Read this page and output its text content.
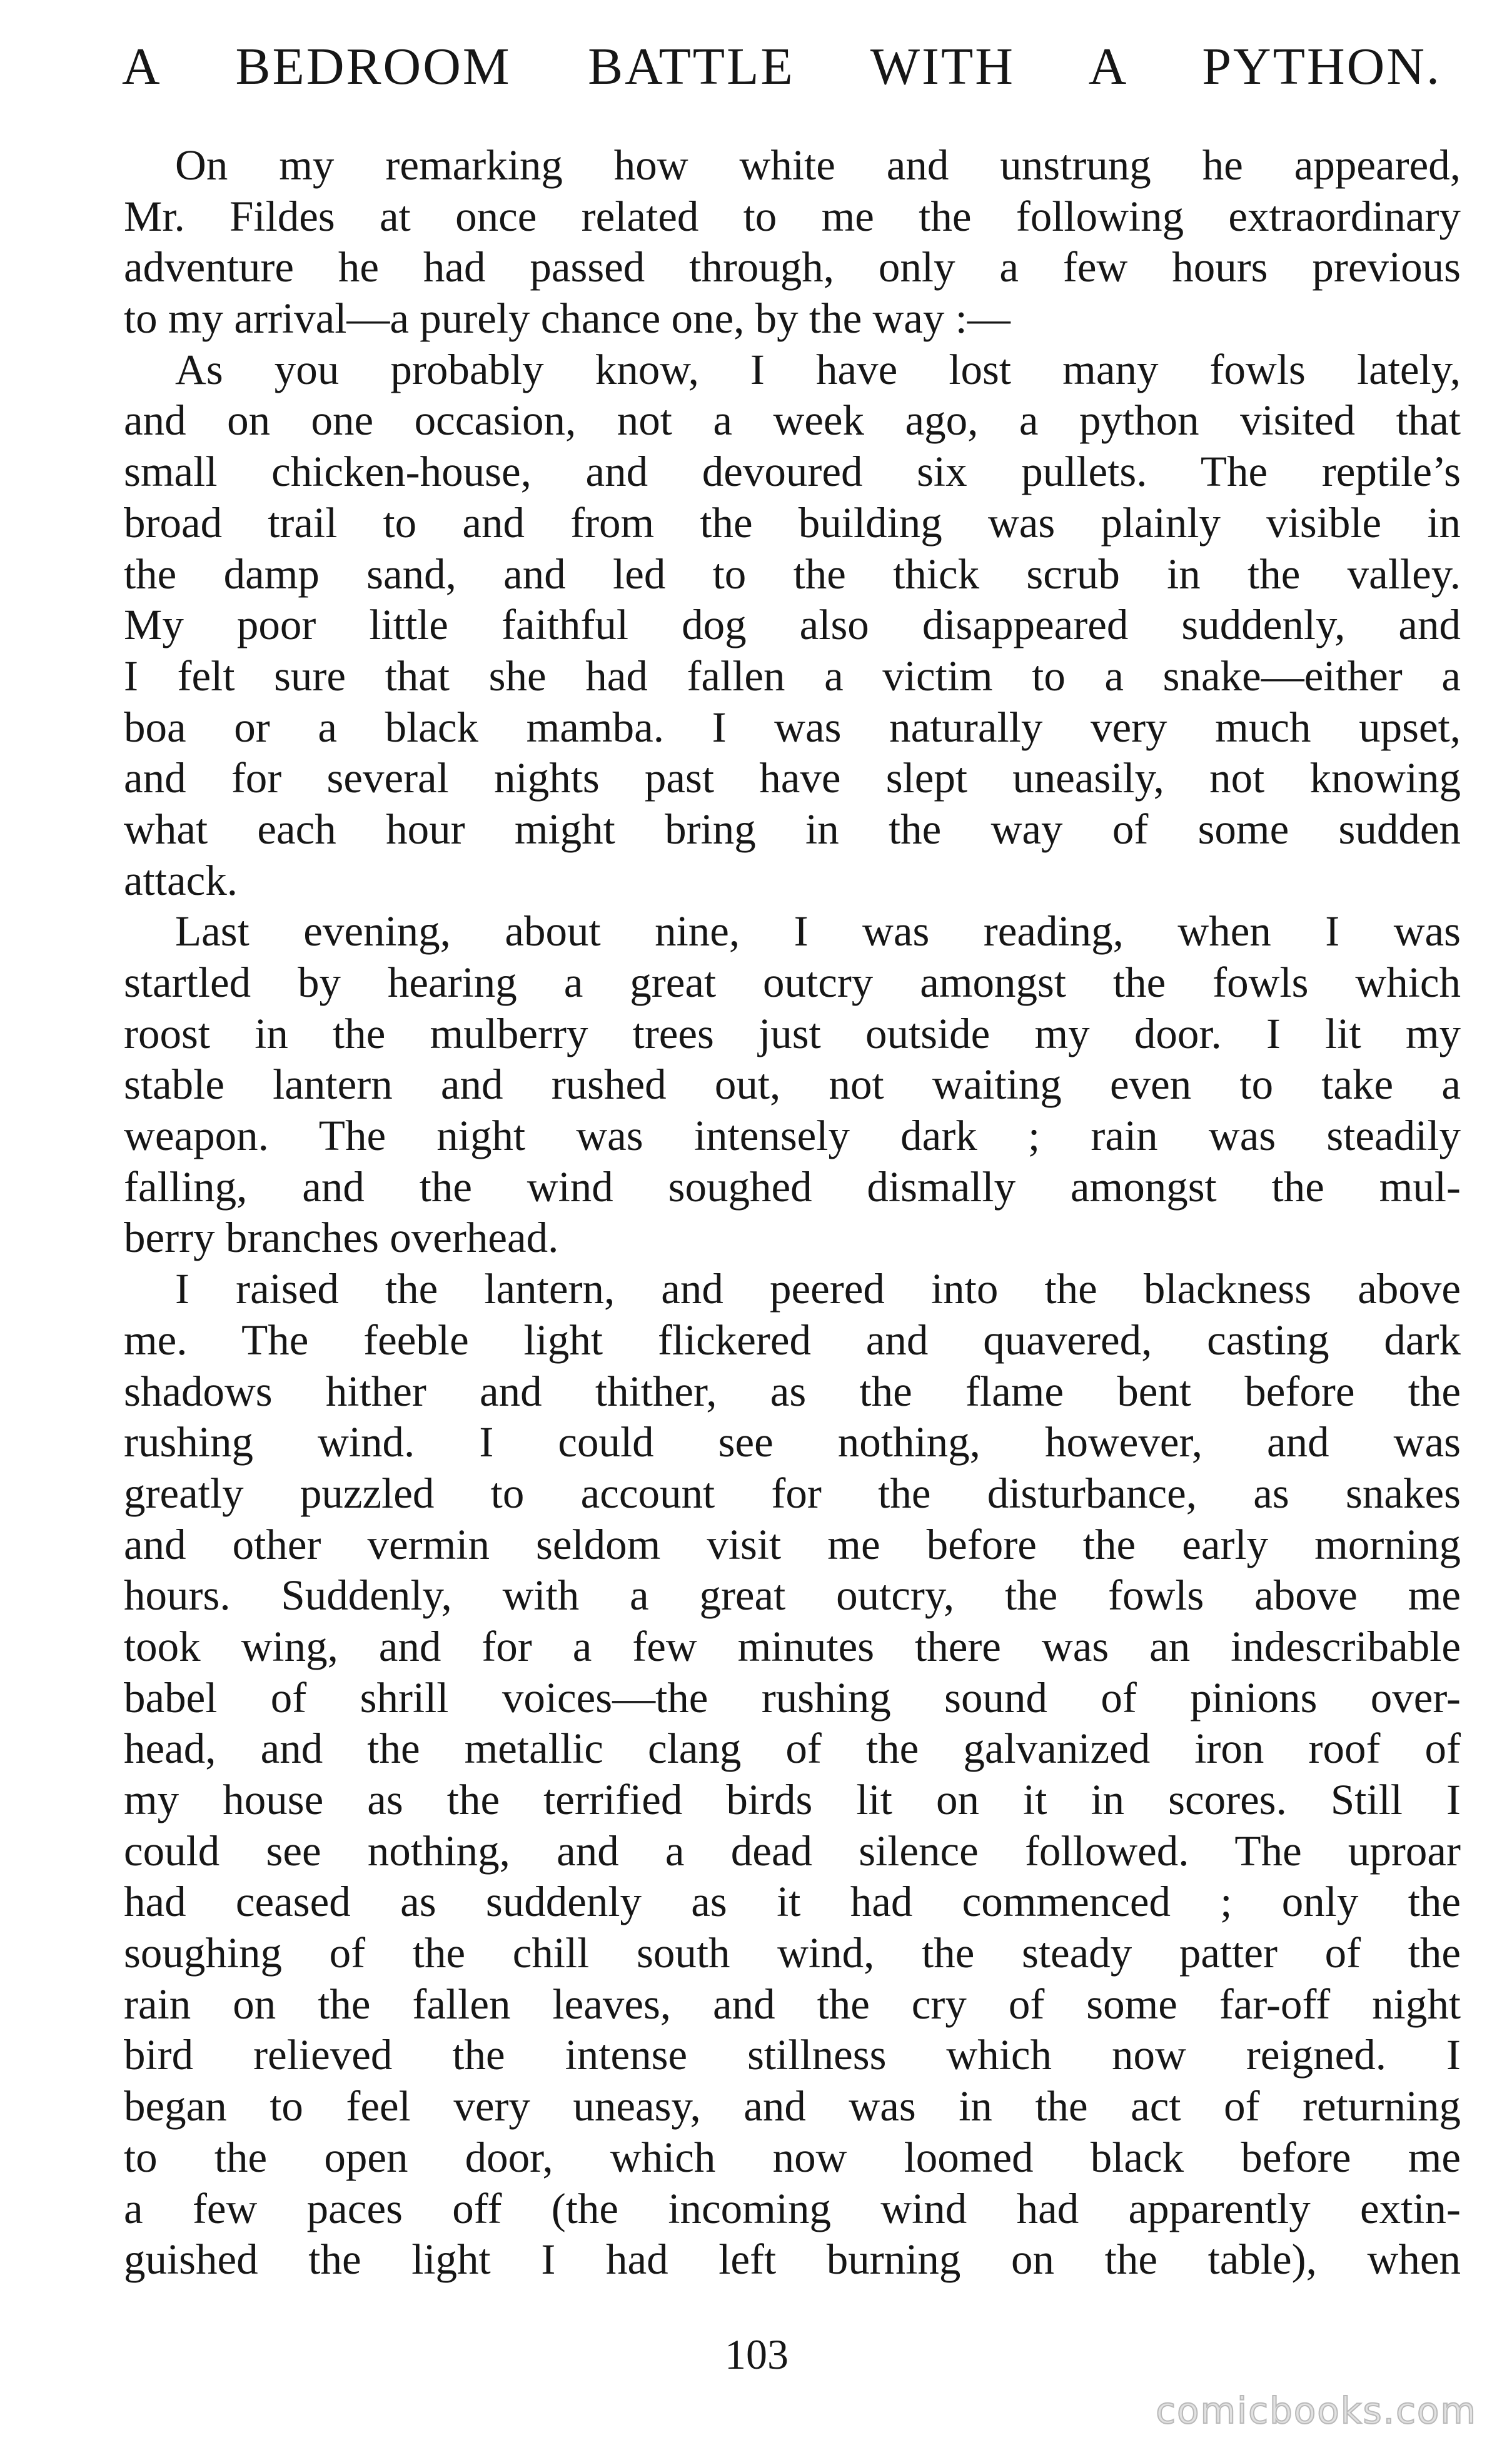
A BEDROOM BATTLE WITH A PYTHON.
On my remarking how white and unstrung he appeared,
Mr. Fildes at once related to me the following extraordinary
adventure he had passed through, only a few hours previous
to my arrival—a purely chance one, by the way :—
As you probably know, I have lost many fowls lately,
and on one occasion, not a week ago, a python visited that
small chicken-house, and devoured six pullets. The reptile’s
broad trail to and from the building was plainly visible in
the damp sand, and led to the thick scrub in the valley.
My poor little faithful dog also disappeared suddenly, and
I felt sure that she had fallen a victim to a snake—either a
boa or a black mamba. I was naturally very much upset,
and for several nights past have slept uneasily, not knowing
what each hour might bring in the way of some sudden
attack.
Last evening, about nine, I was reading, when I was
startled by hearing a great outcry amongst the fowls which
roost in the mulberry trees just outside my door. I lit my
stable lantern and rushed out, not waiting even to take a
weapon. The night was intensely dark ; rain was steadily
falling, and the wind soughed dismally amongst the mul-
berry branches overhead.
I raised the lantern, and peered into the blackness above
me. The feeble light flickered and quavered, casting dark
shadows hither and thither, as the flame bent before the
rushing wind. I could see nothing, however, and was
greatly puzzled to account for the disturbance, as snakes
and other vermin seldom visit me before the early morning
hours. Suddenly, with a great outcry, the fowls above me
took wing, and for a few minutes there was an indescribable
babel of shrill voices—the rushing sound of pinions over-
head, and the metallic clang of the galvanized iron roof of
my house as the terrified birds lit on it in scores. Still I
could see nothing, and a dead silence followed. The uproar
had ceased as suddenly as it had commenced ; only the
soughing of the chill south wind, the steady patter of the
rain on the fallen leaves, and the cry of some far-off night
bird relieved the intense stillness which now reigned. I
began to feel very uneasy, and was in the act of returning
to the open door, which now loomed black before me
a few paces off (the incoming wind had apparently extin-
guished the light I had left burning on the table), when
103
comicbooks.com
